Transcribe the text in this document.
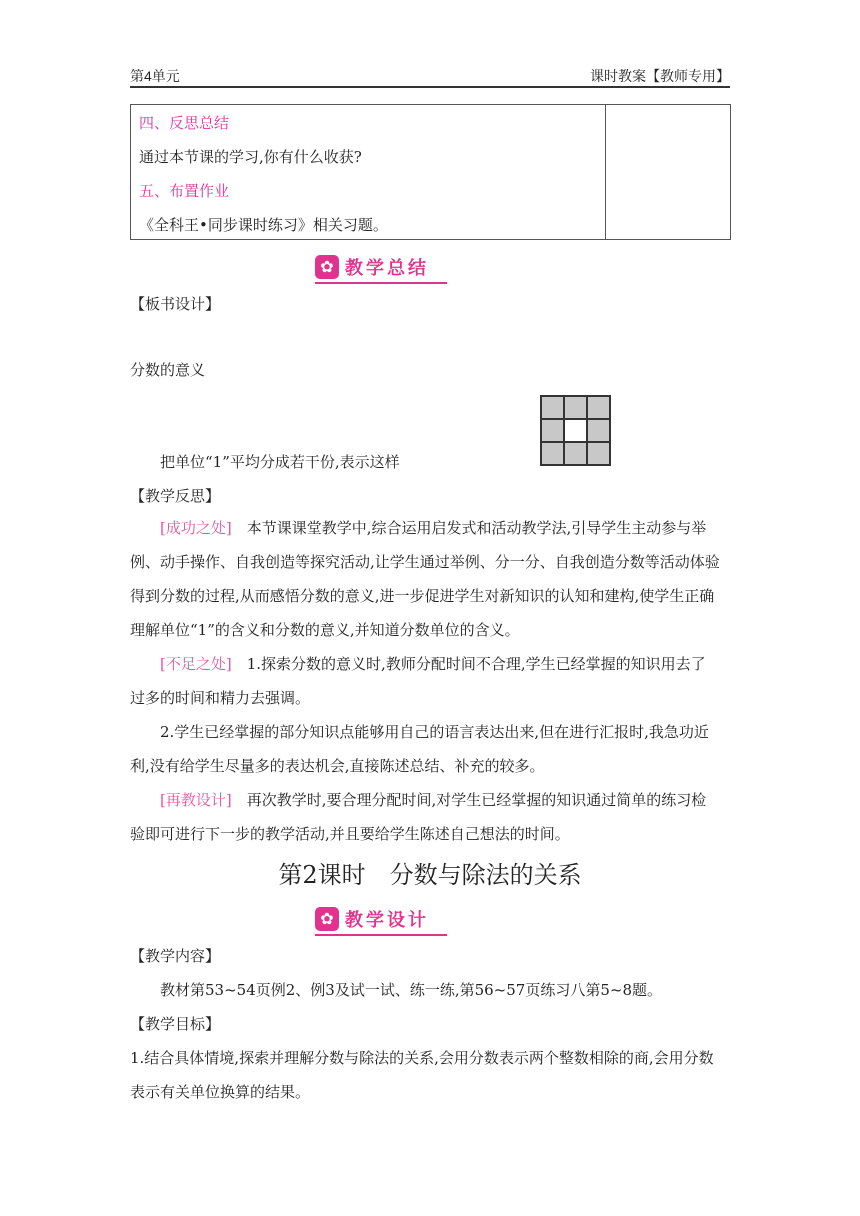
第4单元	课时教案【教师专用】
四、反思总结
通过本节课的学习,你有什么收获?
五、布置作业
《全科王•同步课时练习》相关习题。

✿ 教学总结
【板书设计】
分数的意义
把单位“1”平均分成若干份,表示这样
【教学反思】
[成功之处]　 本节课课堂教学中,综合运用启发式和活动教学法,引导学生主动参与举
例、动手操作、自我创造等探究活动,让学生通过举例、分一分、自我创造分数等活动体验
得到分数的过程,从而感悟分数的意义,进一步促进学生对新知识的认知和建构,使学生正确
理解单位“1”的含义和分数的意义,并知道分数单位的含义。
[不足之处]　 1.探索分数的意义时,教师分配时间不合理,学生已经掌握的知识用去了
过多的时间和精力去强调。
2.学生已经掌握的部分知识点能够用自己的语言表达出来,但在进行汇报时,我急功近
利,没有给学生尽量多的表达机会,直接陈述总结、补充的较多。
[再教设计]　 再次教学时,要合理分配时间,对学生已经掌握的知识通过简单的练习检
验即可进行下一步的教学活动,并且要给学生陈述自己想法的时间。
第2课时　分数与除法的关系
✿ 教学设计
【教学内容】
教材第53~54页例2、例3及试一试、练一练,第56~57页练习八第5~8题。
【教学目标】
1.结合具体情境,探索并理解分数与除法的关系,会用分数表示两个整数相除的商,会用分数
表示有关单位换算的结果。
